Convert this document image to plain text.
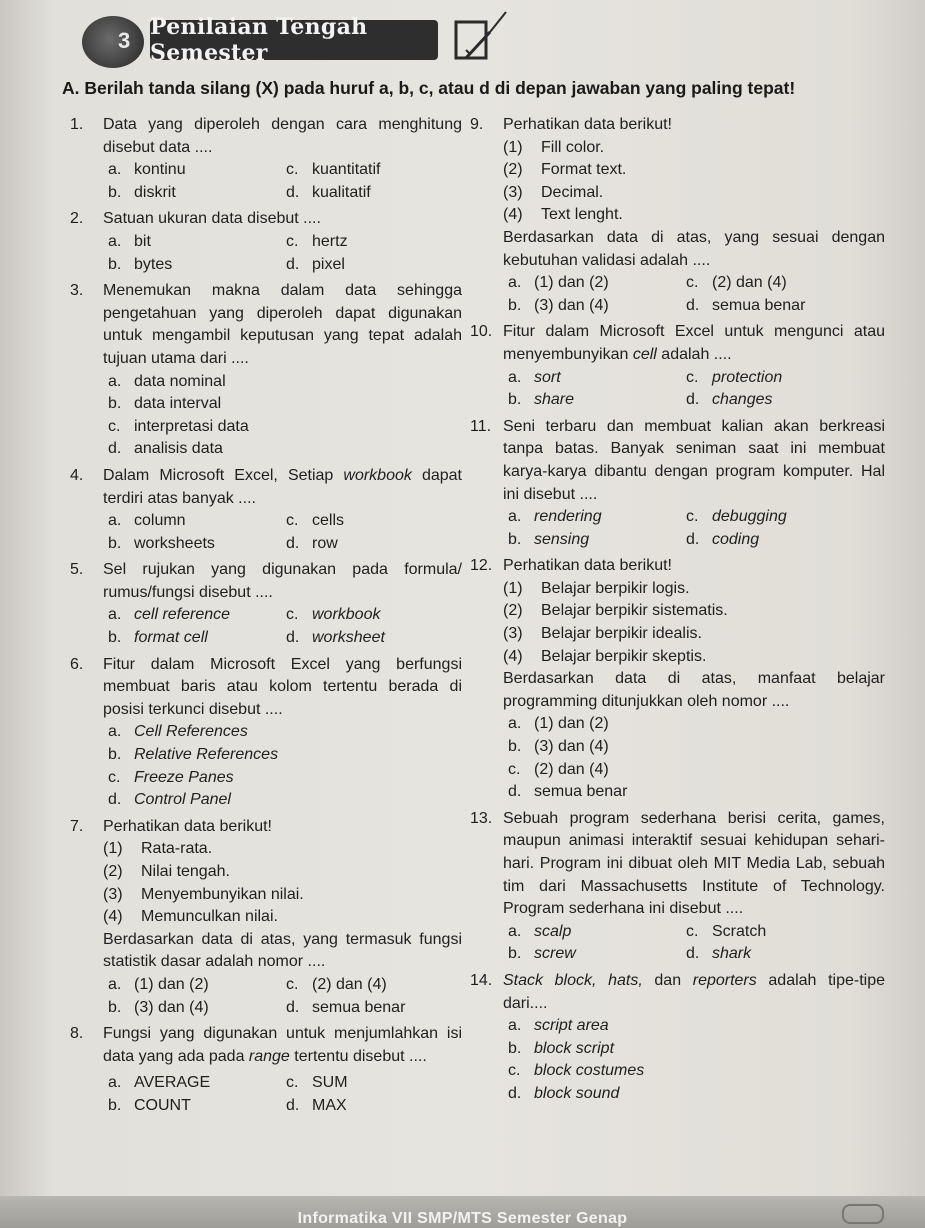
3
Penilaian Tengah Semester
A. Berilah tanda silang (X) pada huruf a, b, c, atau d di depan jawaban yang paling tepat!
1.	Data yang diperoleh dengan cara menghitung disebut data ....
a. kontinu	c. kuantitatif
b. diskrit	d. kualitatif
2.	Satuan ukuran data disebut ....
a. bit	c. hertz
b. bytes	d. pixel
3.	Menemukan makna dalam data sehingga pengetahuan yang diperoleh dapat digunakan untuk mengambil keputusan yang tepat adalah tujuan utama dari ....
a. data nominal
b. data interval
c. interpretasi data
d. analisis data
4.	Dalam Microsoft Excel, Setiap workbook dapat terdiri atas banyak ....
a. column	c. cells
b. worksheets	d. row
5.	Sel rujukan yang digunakan pada formula/ rumus/fungsi disebut ....
a. cell reference	c. workbook
b. format cell	d. worksheet
6.	Fitur dalam Microsoft Excel yang berfungsi membuat baris atau kolom tertentu berada di posisi terkunci disebut ....
a. Cell References
b. Relative References
c. Freeze Panes
d. Control Panel
7.	Perhatikan data berikut!
(1)	Rata-rata.
(2)	Nilai tengah.
(3)	Menyembunyikan nilai.
(4)	Memunculkan nilai.
Berdasarkan data di atas, yang termasuk fungsi statistik dasar adalah nomor ....
a. (1) dan (2)	c. (2) dan (4)
b. (3) dan (4)	d. semua benar
8.	Fungsi yang digunakan untuk menjumlahkan isi data yang ada pada range tertentu disebut ....
a. AVERAGE	c. SUM
b. COUNT	d. MAX
9.	Perhatikan data berikut!
(1)	Fill color.
(2)	Format text.
(3)	Decimal.
(4)	Text lenght.
Berdasarkan data di atas, yang sesuai dengan kebutuhan validasi adalah ....
a. (1) dan (2)	c. (2) dan (4)
b. (3) dan (4)	d. semua benar
10. Fitur dalam Microsoft Excel untuk mengunci atau menyembunyikan cell adalah ....
a. sort	c. protection
b. share	d. changes
11. Seni terbaru dan membuat kalian akan berkreasi tanpa batas. Banyak seniman saat ini membuat karya-karya dibantu dengan program komputer. Hal ini disebut ....
a. rendering	c. debugging
b. sensing	d. coding
12. Perhatikan data berikut!
(1)	Belajar berpikir logis.
(2)	Belajar berpikir sistematis.
(3)	Belajar berpikir idealis.
(4)	Belajar berpikir skeptis.
Berdasarkan data di atas, manfaat belajar programming ditunjukkan oleh nomor ....
a. (1) dan (2)
b. (3) dan (4)
c. (2) dan (4)
d. semua benar
13. Sebuah program sederhana berisi cerita, games, maupun animasi interaktif sesuai kehidupan sehari-hari. Program ini dibuat oleh MIT Media Lab, sebuah tim dari Massachusetts Institute of Technology. Program sederhana ini disebut ....
a. scalp	c. Scratch
b. screw	d. shark
14. Stack block, hats, dan reporters adalah tipe-tipe dari....
a. script area
b. block script
c. block costumes
d. block sound
Informatika VII SMP/MTS Semester Genap
